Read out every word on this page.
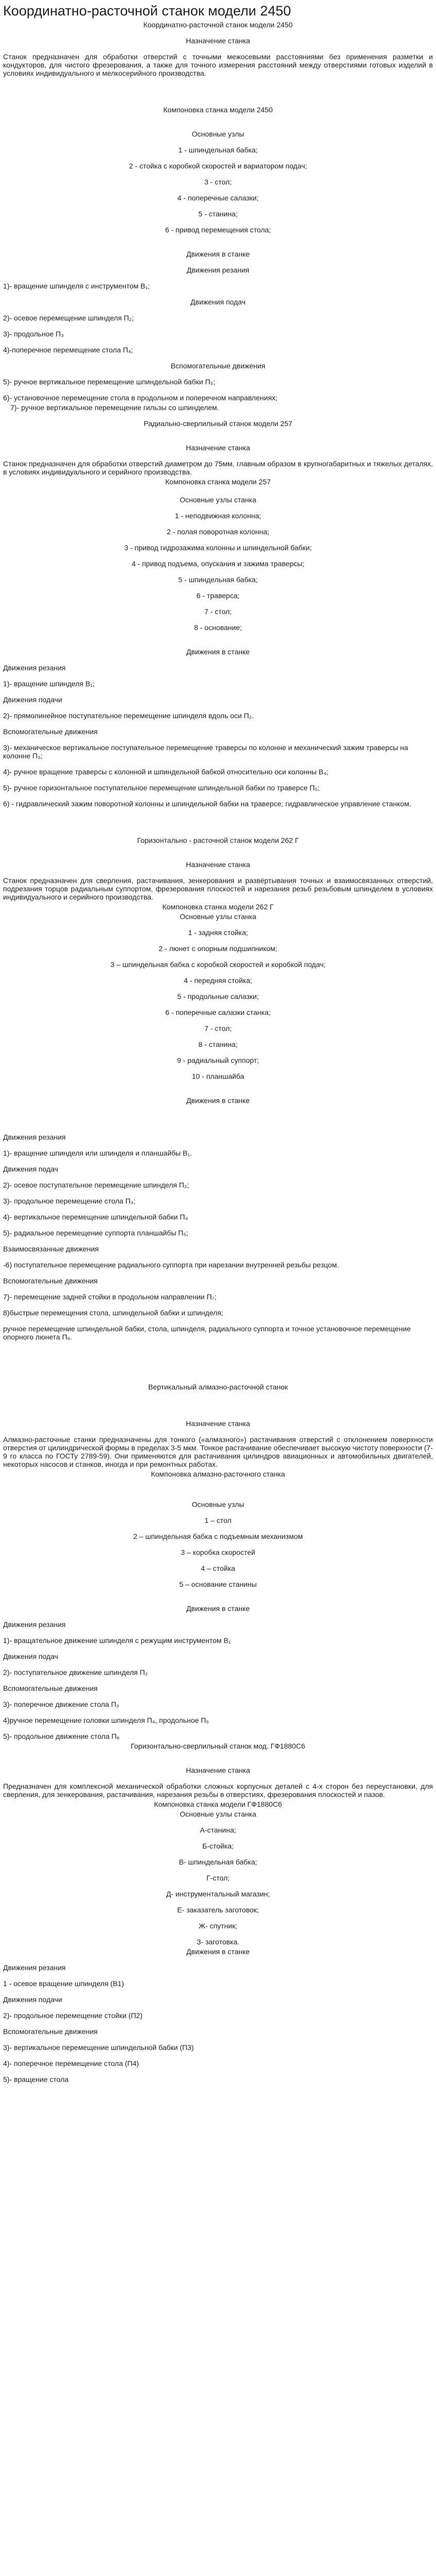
Координатно-расточной станок модели 2450

Координатно-расточной станок модели 2450

Назначение станка

Станок предназначен для обработки отверстий с точными межосевыми расстояниями без применения разметки и кондукторов, для чистого фрезерования, а также для точного измерения расстояний между отверстиями готовых изделий в условиях индивидуального и мелкосерийного производства.

Компоновка станка модели 2450

Основные узлы

1 - шпиндельная бабка;

2 - стойка с коробкой скоростей и вариатором подач;

3 - стол;

4 - поперечные салазки;

5 - станина;

6 - привод перемещения стола;

Движения в станке

Движения резания

1)- вращение шпинделя с инструментом В₁;

Движения подач

2)- осевое перемещение шпинделя П₂;

3)- продольное П₃

4)-поперечное перемещение стола П₄;

Вспомогательные движения

5)- ручное вертикальное перемещение шпиндельной бабки П₅;

6)- установочное перемещение стола в продольном и поперечном направлениях;

7)- ручное вертикальное перемещение гильзы со шпинделем.

Радиально-сверлильный станок модели 257

Назначение станка

Станок предназначен для обработки отверстий диаметром до 75мм, главным образом в крупногабаритных и тяжелых деталях, в условиях индивидуального и серийного производства.

Компоновка станка модели 257

Основные узлы станка

1 - неподвижная колонна;

2 - полая поворотная колонна;

3 - привод гидрозажима колонны и шпиндельной бабки;

4 - привод подъема, опускания и зажима траверсы;

5 - шпиндельная бабка;

6 - траверса;

7 - стол;

8 - основание;

Движения в станке

Движения резания

1)- вращение шпинделя В₁;

Движения подачи

2)- прямолинейное поступательное перемещение шпинделя вдоль оси П₂.

Вспомогательные движения

3)- механическое вертикальное поступательное перемещение траверсы по колонне и механический зажим траверсы на колонне П₃;

4)- ручное вращение траверсы с колонной и шпиндельной бабкой относительно оси колонны В₄;

5)- ручное горизонтальное поступательное перемещение шпиндельной бабки по траверсе П₅;

6) - гидравлический зажим поворотной колонны и шпиндельной бабки на траверсе; гидравлическое управление станком.

Горизонтально - расточной станок модели 262 Г

Назначение станка

Станок предназначен для сверления, растачивания, зенкерования и развёртывания точных и взаимосвязанных отверстий, подрезания торцов радиальным суппортом, фрезерования плоскостей и нарезания резьб резьбовым шпинделем в условиях индивидуального и серийного производства.

Компоновка станка модели 262 Г

Основные узлы станка

1 - задняя стойка;

2 - люнет с опорным подшипником;

3 – шпиндельная бабка с коробкой скоростей и коробкой подач;

4 - передняя стойка;

5 - продольные салазки;

6 - поперечные салазки станка;

7 - стол;

8 - станина;

9 - радиальный суппорт;

10 - планшайба

Движения в станке

Движения резания

1)- вращение шпинделя или шпинделя и планшайбы В₁.

Движения подач

2)- осевое поступательное перемещение шпинделя П₂;

3)- продольное перемещение стола П₃;

4)- вертикальное перемещение шпиндельной бабки П₄

5)- радиальное перемещение суппорта планшайбы П₅;

Взаимосвязанные движения

-6) поступательное перемещение радиального суппорта при нарезании внутренней резьбы резцом.

Вспомогательные движения

7)- перемещение задней стойки в продольном направлении П₇;

8)быстрые перемещения стола, шпиндельной бабки и шпинделя;

ручное перемещение шпиндельной бабки, стола, шпинделя, радиального суппорта и точное установочное перемещение опорного люнета П₉.

Вертикальный алмазно-расточной станок

Назначение станка

Алмазно-расточные станки предназначены для тонкого («алмазного») растачивания отверстий с отклонением поверхности отверстия от цилиндрической формы в пределах 3-5 мкм. Тонкое растачивание обеспечивает высокую чистоту поверхности (7-9 го класса по ГОСТу 2789-59). Они применяются для растачивания цилиндров авиационных и автомобильных двигателей, некоторых насосов и станков, иногда и при ремонтных работах.

Компоновка алмазно-расточного станка

Основные узлы

1 – стол

2 – шпиндельная бабка с подъемным механизмом

3 – коробка скоростей

4 – стойка

5 – основание станины

Движения в станке

Движения резания

1)- вращательное движение шпинделя с режущим инструментом В₁

Движения подач

2)- поступательное движение шпинделя П₂

Вспомогательные движения

3)- поперечное движение стола П₃

4)ручное перемещение головки шпинделя П₄, продольное П₅

5)- продольное движение стола П₆

Горизонтально-сверлильный станок мод. ГФ1880С6

Назначение станка

Предназначен для комплексной механической обработки сложных корпусных деталей с 4-х сторон без переустановки, для сверления, для зенкерования, растачивания, нарезания резьбы в отверстиях, фрезерования плоскостей и пазов.

Компоновка станка модели ГФ1880С6

Основные узлы станка

А-станина;

Б-стойка;

В- шпиндельная бабка;

Г-стол;

Д- инструментальный магазин;

Е- заказатель заготовок;

Ж- спутник;

З- заготовка.

Движения в станке

Движения резания

1 - осевое вращение шпинделя (В1)

Движения подачи

2)- продольное перемещение стойки (П2)

Вспомогательные движения

3)- вертикальное перемещение шпиндельной бабки (П3)

4)- поперечное перемещение стола (П4)

5)- вращение стола
